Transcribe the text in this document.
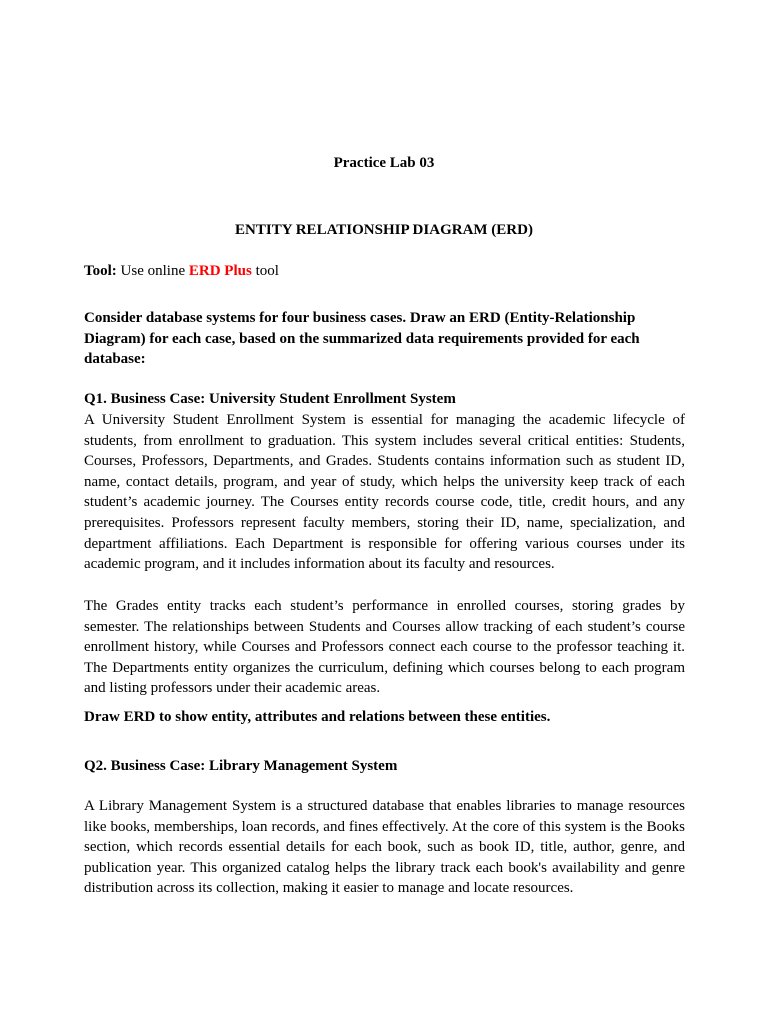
Practice Lab 03
ENTITY RELATIONSHIP DIAGRAM (ERD)
Tool: Use online ERD Plus tool

Consider database systems for four business cases. Draw an ERD (Entity-Relationship Diagram) for each case, based on the summarized data requirements provided for each database:

Q1. Business Case: University Student Enrollment System

A University Student Enrollment System is essential for managing the academic lifecycle of students, from enrollment to graduation. This system includes several critical entities: Students, Courses, Professors, Departments, and Grades. Students contains information such as student ID, name, contact details, program, and year of study, which helps the university keep track of each student’s academic journey. The Courses entity records course code, title, credit hours, and any prerequisites. Professors represent faculty members, storing their ID, name, specialization, and department affiliations. Each Department is responsible for offering various courses under its academic program, and it includes information about its faculty and resources.

The Grades entity tracks each student’s performance in enrolled courses, storing grades by semester. The relationships between Students and Courses allow tracking of each student’s course enrollment history, while Courses and Professors connect each course to the professor teaching it. The Departments entity organizes the curriculum, defining which courses belong to each program and listing professors under their academic areas.

Draw ERD to show entity, attributes and relations between these entities.
Q2. Business Case: Library Management System

A Library Management System is a structured database that enables libraries to manage resources like books, memberships, loan records, and fines effectively. At the core of this system is the Books section, which records essential details for each book, such as book ID, title, author, genre, and publication year. This organized catalog helps the library track each book's availability and genre distribution across its collection, making it easier to manage and locate resources.
